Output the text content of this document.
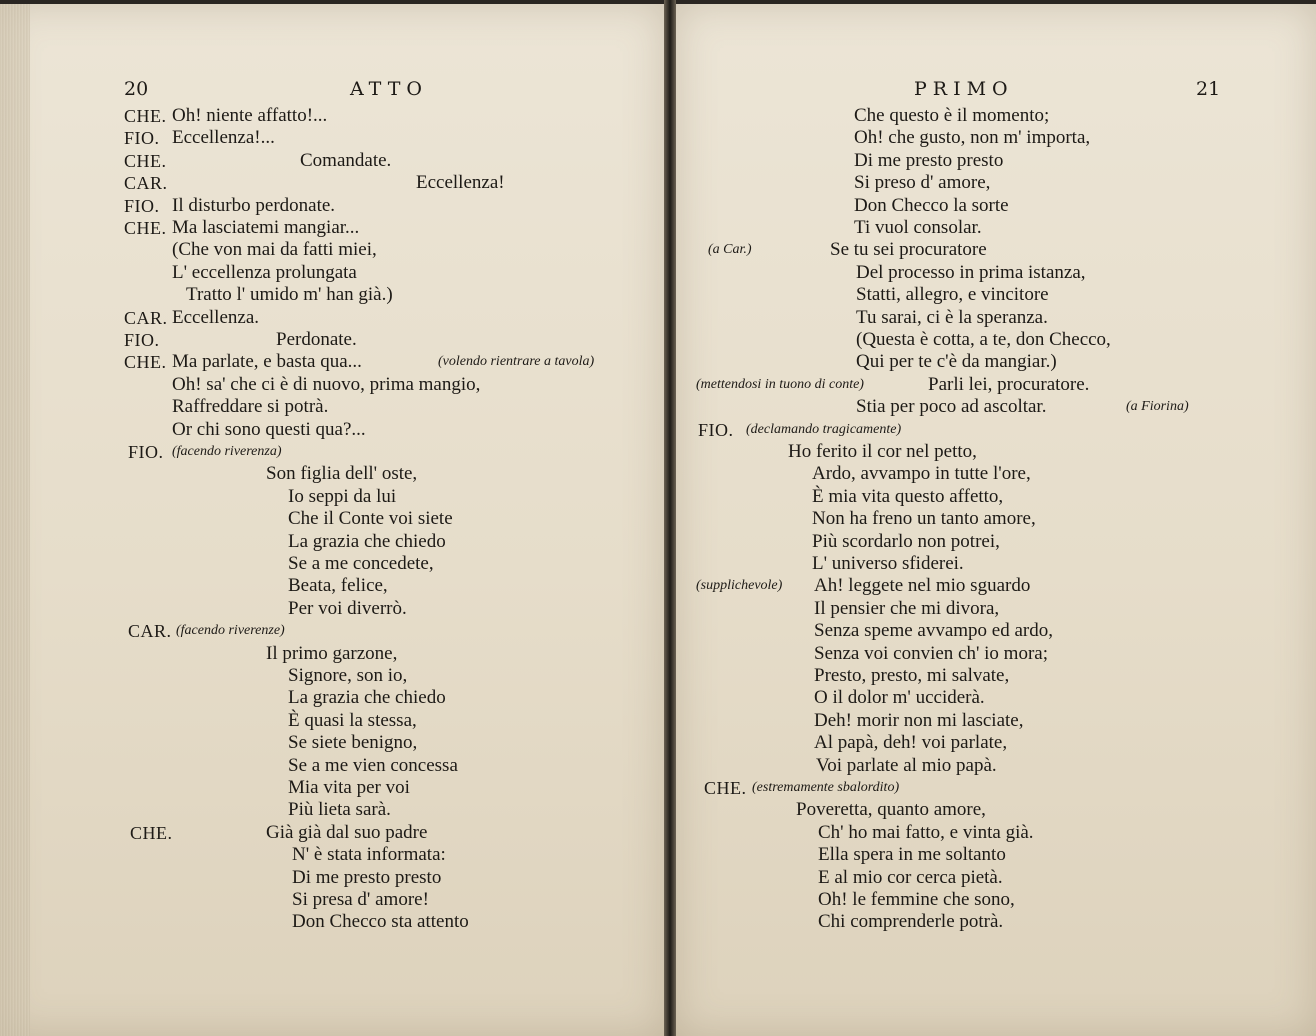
20	ATTO
CHE. Oh! niente affatto!...
FIO. Eccellenza!...
CHE.	Comandate.
CAR.	Eccellenza!
FIO. Il disturbo perdonate.
CHE. Ma lasciatemi mangiar...
(Che von mai da fatti miei,
L' eccellenza prolungata
Tratto l' umido m' han già.)
CAR. Eccellenza.
FIO.	Perdonate.
CHE.	(volendo rientrare a tavola)
Ma parlate, e basta qua...
Oh! sa' che ci è di nuovo, prima mangio,
Raffreddare si potrà.
Or chi sono questi qua?...
FIO. (facendo riverenza)
Son figlia dell' oste,
Io seppi da lui
Che il Conte voi siete
La grazia che chiedo
Se a me concedete,
Beata, felice,
Per voi diverrò.
CAR. (facendo riverenze)
Il primo garzone,
Signore, son io,
La grazia che chiedo
È quasi la stessa,
Se siete benigno,
Se a me vien concessa
Mia vita per voi
Più lieta sarà.
CHE.	Già già dal suo padre
N' è stata informata:
Di me presto presto
Si presa d' amore!
Don Checco sta attento
PRIMO	21
Che questo è il momento;
Oh! che gusto, non m' importa,
Di me presto presto
Si preso d' amore,
Don Checco la sorte
Ti vuol consolar.
(a Car.)	Se tu sei procuratore
Del processo in prima istanza,
Statti, allegro, e vincitore
Tu sarai, ci è la speranza.
(Questa è cotta, a te, don Checco,
Qui per te c'è da mangiar.)
(mettendosi in tuono di conte)	Parli lei, procuratore.
Stia per poco ad ascoltar.	(a Fiorina)
FIO. (declamando tragicamente)
Ho ferito il cor nel petto,
Ardo, avvampo in tutte l'ore,
È mia vita questo affetto,
Non ha freno un tanto amore,
Più scordarlo non potrei,
L' universo sfiderei.
(supplichevole) Ah! leggete nel mio sguardo
Il pensier che mi divora,
Senza speme avvampo ed ardo,
Senza voi convien ch' io mora;
Presto, presto, mi salvate,
O il dolor m' ucciderà.
Deh! morir non mi lasciate,
Al papà, deh! voi parlate,
Voi parlate al mio papà.
CHE. (estremamente sbalordito)
Poveretta, quanto amore,
Ch' ho mai fatto, e vinta già.
Ella spera in me soltanto
E al mio cor cerca pietà.
Oh! le femmine che sono,
Chi comprenderle potrà.
